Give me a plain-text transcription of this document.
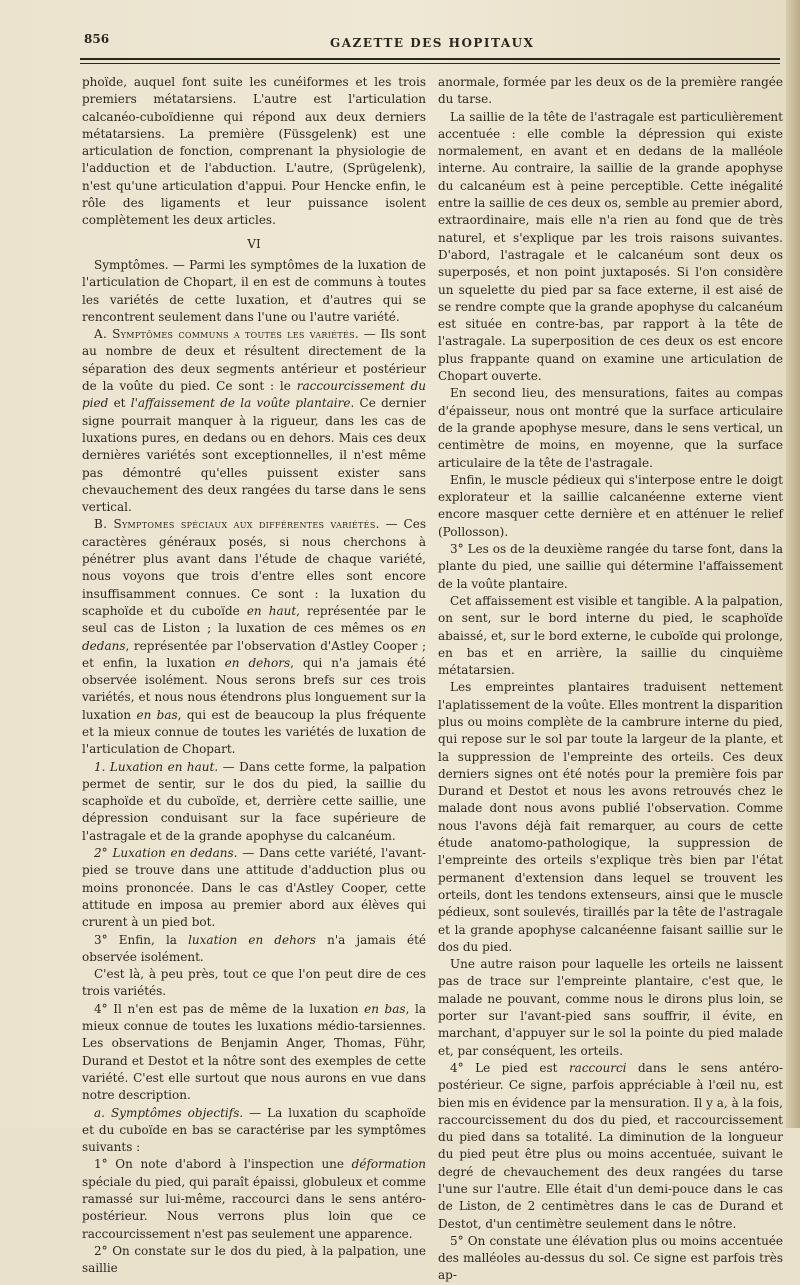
856	GAZETTE DES HOPITAUX

phoïde, auquel font suite les cunéiformes et les trois premiers métatarsiens. L'autre est l'articulation calcanéo-cuboïdienne qui répond aux deux derniers métatarsiens. La première (Füssgelenk) est une articulation de fonction, comprenant la physiologie de l'adduction et de l'abduction. L'autre, (Sprügelenk), n'est qu'une articulation d'appui. Pour Hencke enfin, le rôle des ligaments et leur puissance isolent complètement les deux articles.

VI

Symptômes. — Parmi les symptômes de la luxation de l'articulation de Chopart, il en est de communs à toutes les variétés de cette luxation, et d'autres qui se rencontrent seulement dans l'une ou l'autre variété.

A. Symptômes communs a toutes les variétés. — Ils sont au nombre de deux et résultent directement de la séparation des deux segments antérieur et postérieur de la voûte du pied. Ce sont : le raccourcissement du pied et l'affaissement de la voûte plantaire. Ce dernier signe pourrait manquer à la rigueur, dans les cas de luxations pures, en dedans ou en dehors. Mais ces deux dernières variétés sont exceptionnelles, il n'est même pas démontré qu'elles puissent exister sans chevauchement des deux rangées du tarse dans le sens vertical.

B. Symptomes spéciaux aux différentes variétés. — Ces caractères généraux posés, si nous cherchons à pénétrer plus avant dans l'étude de chaque variété, nous voyons que trois d'entre elles sont encore insuffisamment connues. Ce sont : la luxation du scaphoïde et du cuboïde en haut, représentée par le seul cas de Liston ; la luxation de ces mêmes os en dedans, représentée par l'observation d'Astley Cooper ; et enfin, la luxation en dehors, qui n'a jamais été observée isolément. Nous serons brefs sur ces trois variétés, et nous nous étendrons plus longuement sur la luxation en bas, qui est de beaucoup la plus fréquente et la mieux connue de toutes les variétés de luxation de l'articulation de Chopart.

1. Luxation en haut. — Dans cette forme, la palpation permet de sentir, sur le dos du pied, la saillie du scaphoïde et du cuboïde, et, derrière cette saillie, une dépression conduisant sur la face supérieure de l'astragale et de la grande apophyse du calcanéum.

2° Luxation en dedans. — Dans cette variété, l'avant-pied se trouve dans une attitude d'adduction plus ou moins prononcée. Dans le cas d'Astley Cooper, cette attitude en imposa au premier abord aux élèves qui crurent à un pied bot.

3° Enfin, la luxation en dehors n'a jamais été observée isolément.

C'est là, à peu près, tout ce que l'on peut dire de ces trois variétés.

4° Il n'en est pas de même de la luxation en bas, la mieux connue de toutes les luxations médio-tarsiennes. Les observations de Benjamin Anger, Thomas, Führ, Durand et Destot et la nôtre sont des exemples de cette variété. C'est elle surtout que nous aurons en vue dans notre description.

a. Symptômes objectifs. — La luxation du scaphoïde et du cuboïde en bas se caractérise par les symptômes suivants :

1° On note d'abord à l'inspection une déformation spéciale du pied, qui paraît épaissi, globuleux et comme ramassé sur lui-même, raccourci dans le sens antéro-postérieur. Nous verrons plus loin que ce raccourcissement n'est pas seulement une apparence.

2° On constate sur le dos du pied, à la palpation, une saillie

anormale, formée par les deux os de la première rangée du tarse.

La saillie de la tête de l'astragale est particulièrement accentuée : elle comble la dépression qui existe normalement, en avant et en dedans de la malléole interne. Au contraire, la saillie de la grande apophyse du calcanéum est à peine perceptible. Cette inégalité entre la saillie de ces deux os, semble au premier abord, extraordinaire, mais elle n'a rien au fond que de très naturel, et s'explique par les trois raisons suivantes. D'abord, l'astragale et le calcanéum sont deux os superposés, et non point juxtaposés. Si l'on considère un squelette du pied par sa face externe, il est aisé de se rendre compte que la grande apophyse du calcanéum est située en contre-bas, par rapport à la tête de l'astragale. La superposition de ces deux os est encore plus frappante quand on examine une articulation de Chopart ouverte.

En second lieu, des mensurations, faites au compas d'épaisseur, nous ont montré que la surface articulaire de la grande apophyse mesure, dans le sens vertical, un centimètre de moins, en moyenne, que la surface articulaire de la tête de l'astragale.

Enfin, le muscle pédieux qui s'interpose entre le doigt explorateur et la saillie calcanéenne externe vient encore masquer cette dernière et en atténuer le relief (Pollosson).

3° Les os de la deuxième rangée du tarse font, dans la plante du pied, une saillie qui détermine l'affaissement de la voûte plantaire.

Cet affaissement est visible et tangible. A la palpation, on sent, sur le bord interne du pied, le scaphoïde abaissé, et, sur le bord externe, le cuboïde qui prolonge, en bas et en arrière, la saillie du cinquième métatarsien.

Les empreintes plantaires traduisent nettement l'aplatissement de la voûte. Elles montrent la disparition plus ou moins complète de la cambrure interne du pied, qui repose sur le sol par toute la largeur de la plante, et la suppression de l'empreinte des orteils. Ces deux derniers signes ont été notés pour la première fois par Durand et Destot et nous les avons retrouvés chez le malade dont nous avons publié l'observation. Comme nous l'avons déjà fait remarquer, au cours de cette étude anatomo-pathologique, la suppression de l'empreinte des orteils s'explique très bien par l'état permanent d'extension dans lequel se trouvent les orteils, dont les tendons extenseurs, ainsi que le muscle pédieux, sont soulevés, tiraillés par la tête de l'astragale et la grande apophyse calcanéenne faisant saillie sur le dos du pied.

Une autre raison pour laquelle les orteils ne laissent pas de trace sur l'empreinte plantaire, c'est que, le malade ne pouvant, comme nous le dirons plus loin, se porter sur l'avant-pied sans souffrir, il évite, en marchant, d'appuyer sur le sol la pointe du pied malade et, par conséquent, les orteils.

4° Le pied est raccourci dans le sens antéro-postérieur. Ce signe, parfois appréciable à l'œil nu, est bien mis en évidence par la mensuration. Il y a, à la fois, raccourcissement du dos du pied, et raccourcissement du pied dans sa totalité. La diminution de la longueur du pied peut être plus ou moins accentuée, suivant le degré de chevauchement des deux rangées du tarse l'une sur l'autre. Elle était d'un demi-pouce dans le cas de Liston, de 2 centimètres dans le cas de Durand et Destot, d'un centimètre seulement dans le nôtre.

5° On constate une élévation plus ou moins accentuée des malléoles au-dessus du sol. Ce signe est parfois très ap-
